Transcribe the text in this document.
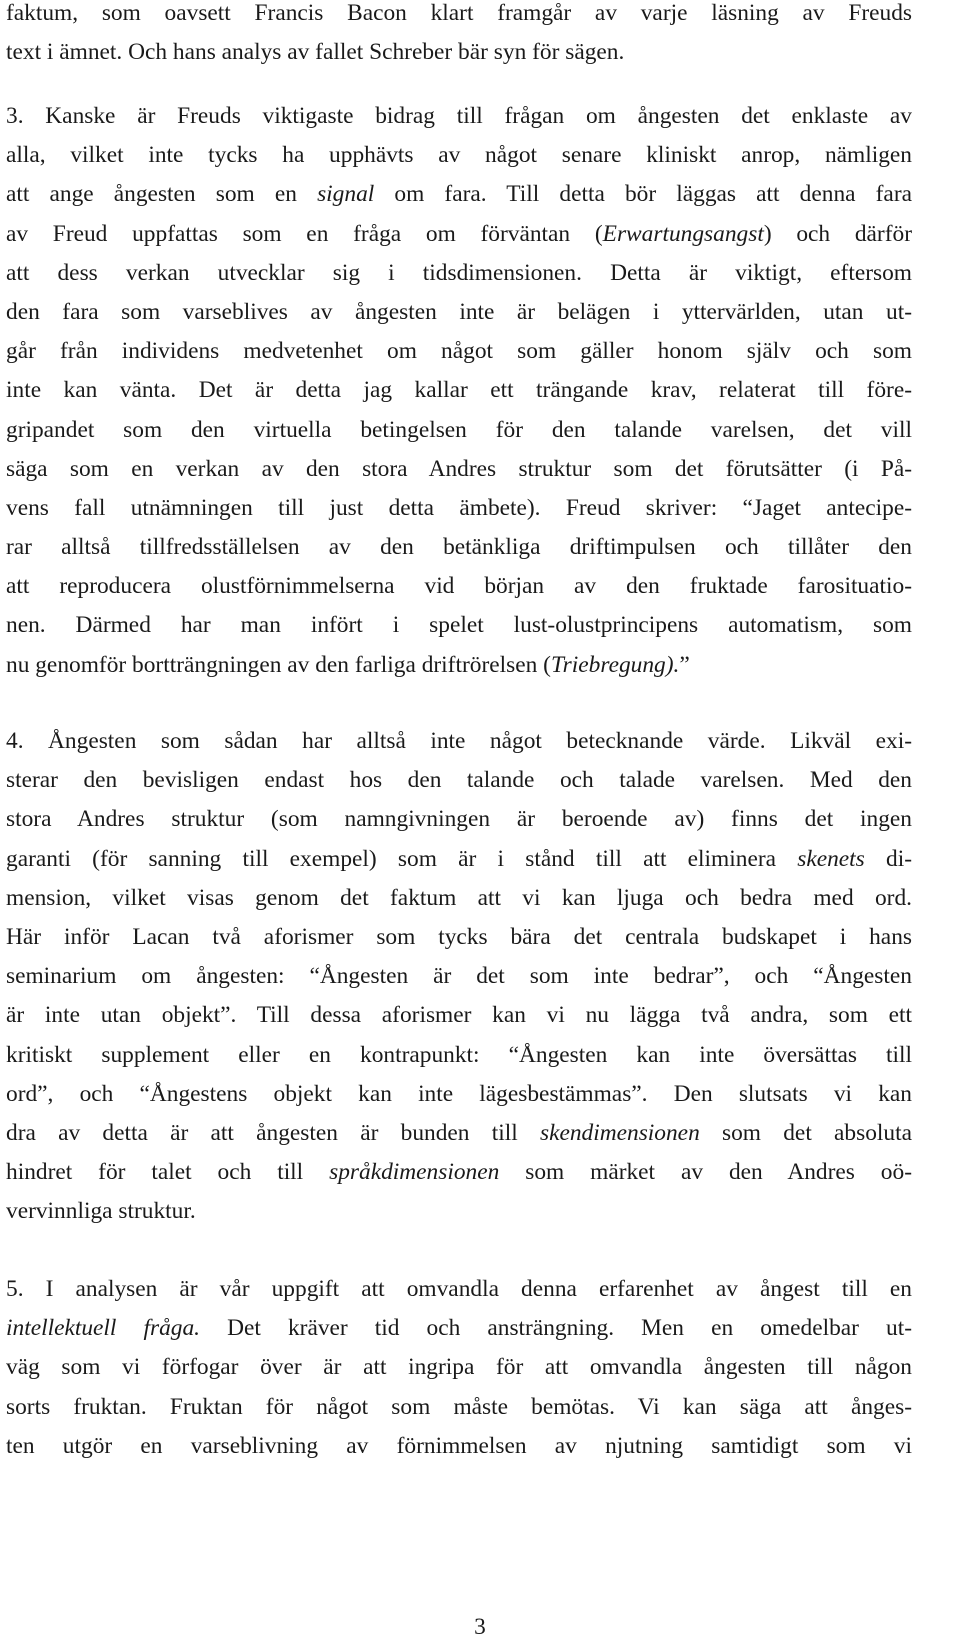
faktum, som oavsett Francis Bacon klart framgår av varje läsning av Freuds
text i ämnet. Och hans analys av fallet Schreber bär syn för sägen.
3. Kanske är Freuds viktigaste bidrag till frågan om ångesten det enklaste av
alla, vilket inte tycks ha upphävts av något senare kliniskt anrop, nämligen
att ange ångesten som en signal om fara. Till detta bör läggas att denna fara
av Freud uppfattas som en fråga om förväntan (Erwartungsangst) och därför
att dess verkan utvecklar sig i tidsdimensionen. Detta är viktigt, eftersom
den fara som varseblives av ångesten inte är belägen i yttervärlden, utan ut-
går från individens medvetenhet om något som gäller honom själv och som
inte kan vänta. Det är detta jag kallar ett trängande krav, relaterat till före-
gripandet som den virtuella betingelsen för den talande varelsen, det vill
säga som en verkan av den stora Andres struktur som det förutsätter (i På-
vens fall utnämningen till just detta ämbete). Freud skriver: “Jaget antecipe-
rar alltså tillfredsställelsen av den betänkliga driftimpulsen och tillåter den
att reproducera olustförnimmelserna vid början av den fruktade farosituatio-
nen. Därmed har man infört i spelet lust-olustprincipens automatism, som
nu genomför bortträngningen av den farliga driftrörelsen (Triebregung).”
4. Ångesten som sådan har alltså inte något betecknande värde. Likväl exi-
sterar den bevisligen endast hos den talande och talade varelsen. Med den
stora Andres struktur (som namngivningen är beroende av) finns det ingen
garanti (för sanning till exempel) som är i stånd till att eliminera skenets di-
mension, vilket visas genom det faktum att vi kan ljuga och bedra med ord.
Här inför Lacan två aforismer som tycks bära det centrala budskapet i hans
seminarium om ångesten: “Ångesten är det som inte bedrar”, och “Ångesten
är inte utan objekt”. Till dessa aforismer kan vi nu lägga två andra, som ett
kritiskt supplement eller en kontrapunkt: “Ångesten kan inte översättas till
ord”, och “Ångestens objekt kan inte lägesbestämmas”. Den slutsats vi kan
dra av detta är att ångesten är bunden till skendimensionen som det absoluta
hindret för talet och till språkdimensionen som märket av den Andres oö-
vervinnliga struktur.
5. I analysen är vår uppgift att omvandla denna erfarenhet av ångest till en
intellektuell fråga. Det kräver tid och ansträngning. Men en omedelbar ut-
väg som vi förfogar över är att ingripa för att omvandla ångesten till någon
sorts fruktan. Fruktan för något som måste bemötas. Vi kan säga att ånges-
ten utgör en varseblivning av förnimmelsen av njutning samtidigt som vi
3
